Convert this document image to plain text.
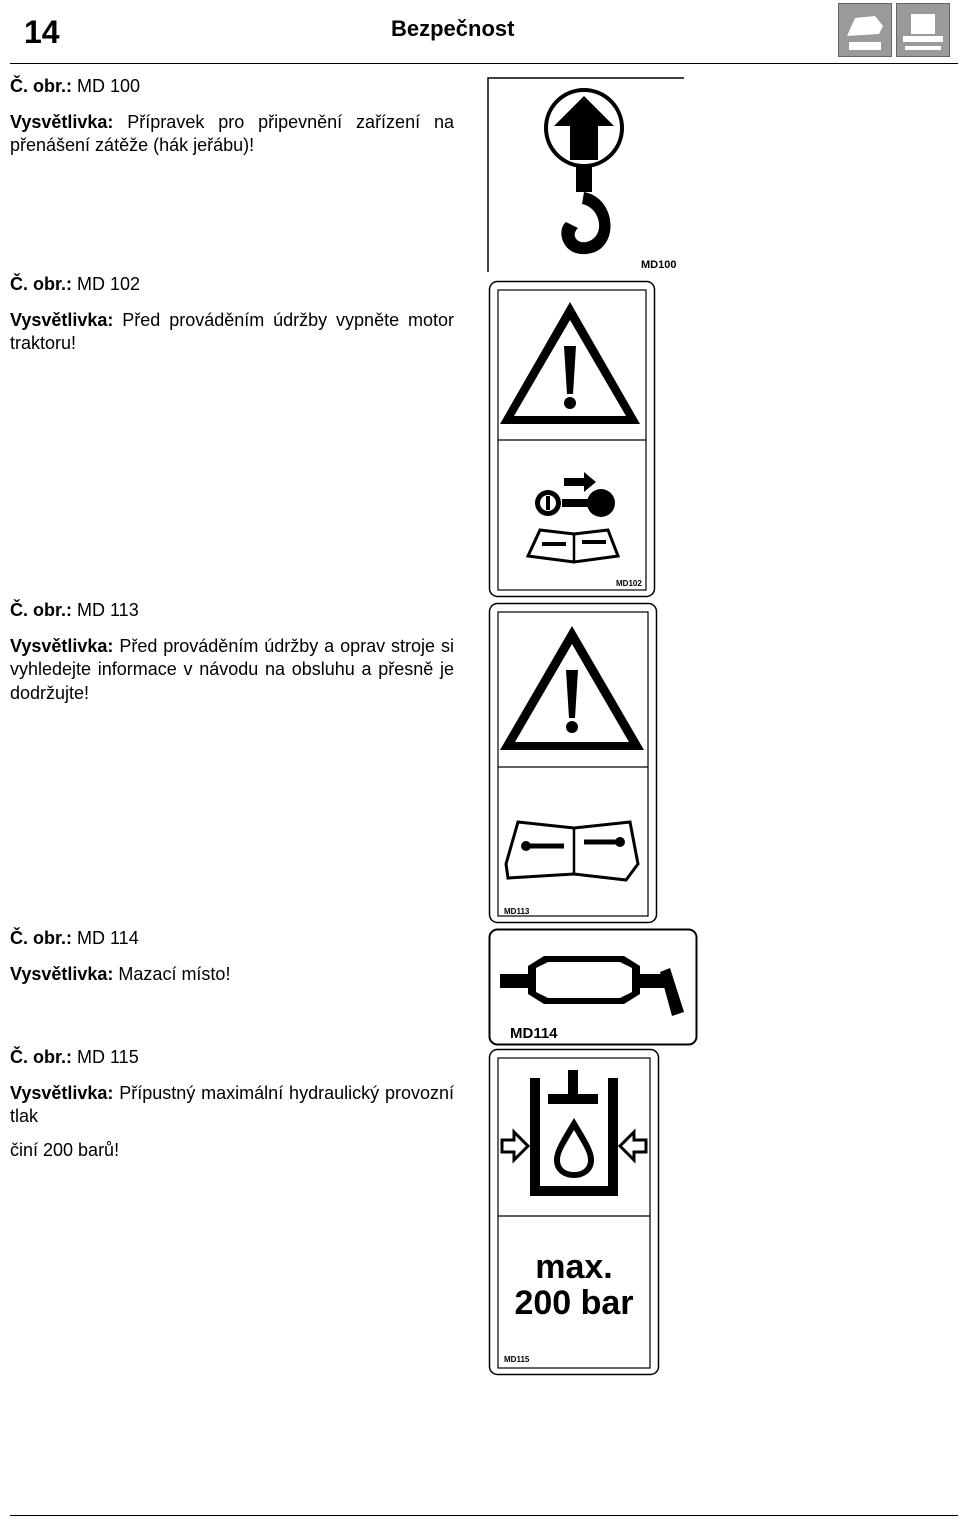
14	Bezpečnost

Č. obr.: MD 100

Vysvětlivka: Přípravek pro připevnění zařízení na přenášení zátěže (hák jeřábu)!

MD100

Č. obr.: MD 102

Vysvětlivka: Před prováděním údržby vypněte motor traktoru!

MD102

Č. obr.: MD 113

Vysvětlivka: Před prováděním údržby a oprav stroje si vyhledejte informace v návodu na obsluhu a přesně je dodržujte!

MD113

Č. obr.: MD 114

Vysvětlivka: Mazací místo!

MD114

Č. obr.: MD 115

Vysvětlivka: Přípustný maximální hydraulický provozní tlak

činí 200 barů!

max.
200 bar
MD115
